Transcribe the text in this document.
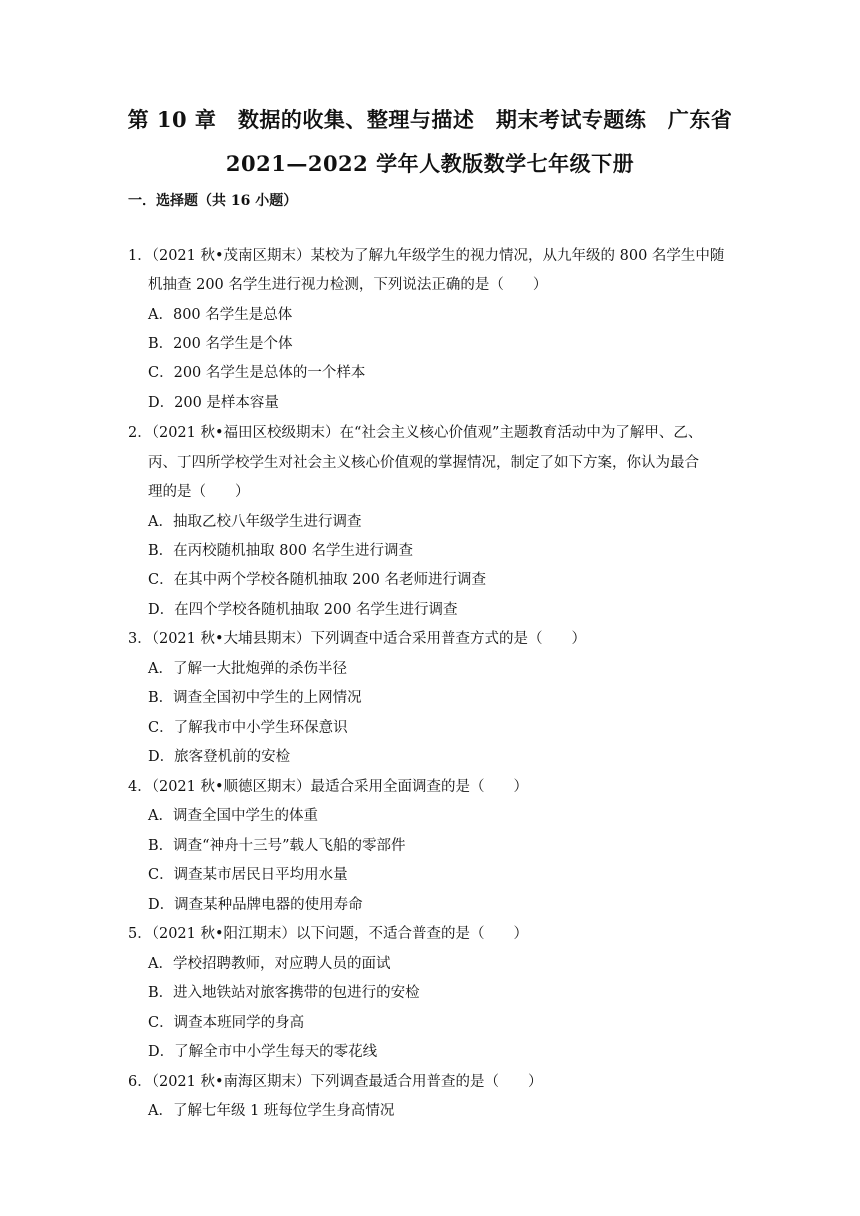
第 10 章　数据的收集、整理与描述　期末考试专题练　广东省
2021—2022 学年人教版数学七年级下册
一．选择题（共 16 小题）
1．（2021 秋•茂南区期末）某校为了解九年级学生的视力情况，从九年级的 800 名学生中随
机抽查 200 名学生进行视力检测，下列说法正确的是（　　）
A．800 名学生是总体
B．200 名学生是个体
C．200 名学生是总体的一个样本
D．200 是样本容量
2．（2021 秋•福田区校级期末）在“社会主义核心价值观”主题教育活动中为了解甲、乙、
丙、丁四所学校学生对社会主义核心价值观的掌握情况，制定了如下方案，你认为最合
理的是（　　）
A．抽取乙校八年级学生进行调查
B．在丙校随机抽取 800 名学生进行调查
C．在其中两个学校各随机抽取 200 名老师进行调查
D．在四个学校各随机抽取 200 名学生进行调查
3．（2021 秋•大埔县期末）下列调查中适合采用普查方式的是（　　）
A．了解一大批炮弹的杀伤半径
B．调查全国初中学生的上网情况
C．了解我市中小学生环保意识
D．旅客登机前的安检
4．（2021 秋•顺德区期末）最适合采用全面调查的是（　　）
A．调查全国中学生的体重
B．调查“神舟十三号”载人飞船的零部件
C．调查某市居民日平均用水量
D．调查某种品牌电器的使用寿命
5．（2021 秋•阳江期末）以下问题，不适合普查的是（　　）
A．学校招聘教师，对应聘人员的面试
B．进入地铁站对旅客携带的包进行的安检
C．调查本班同学的身高
D．了解全市中小学生每天的零花线
6．（2021 秋•南海区期末）下列调查最适合用普查的是（　　）
A．了解七年级 1 班每位学生身高情况
